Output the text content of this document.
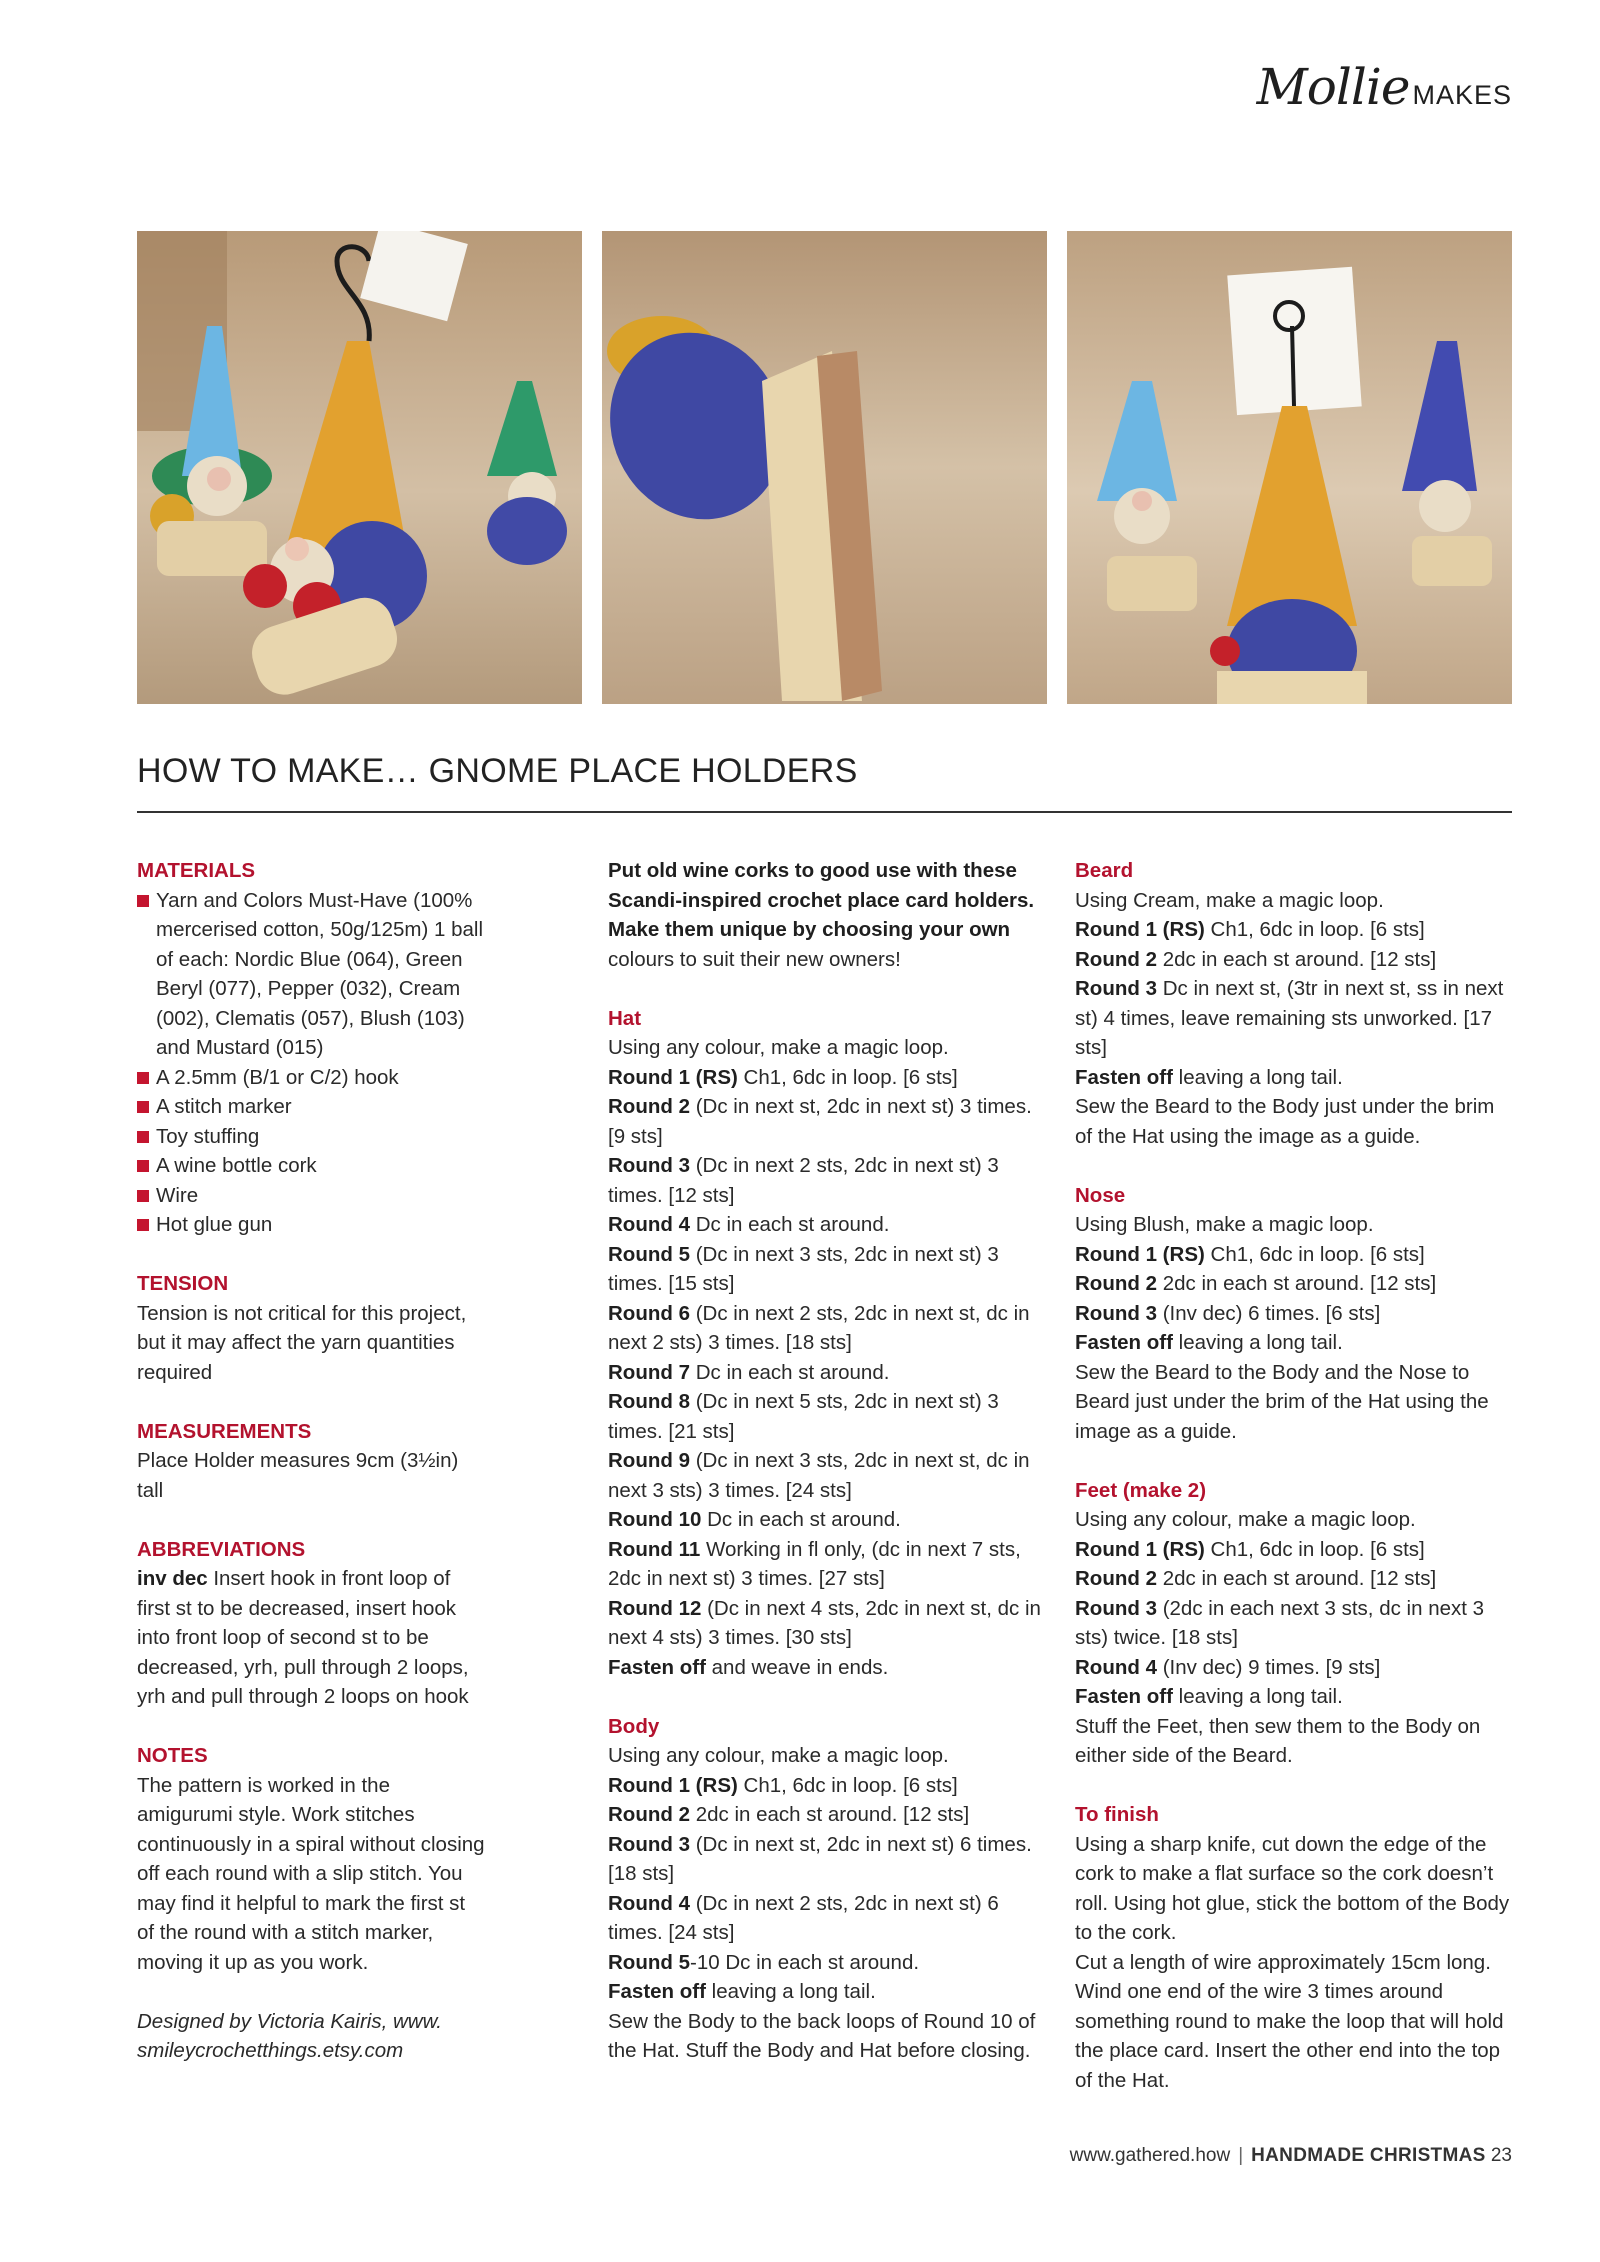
Mollie MAKES
HOW TO MAKE… GNOME PLACE HOLDERS
MATERIALS
Yarn and Colors Must-Have (100% mercerised cotton, 50g/125m) 1 ball of each: Nordic Blue (064), Green Beryl (077), Pepper (032), Cream (002), Clematis (057), Blush (103) and Mustard (015)
A 2.5mm (B/1 or C/2) hook
A stitch marker
Toy stuffing
A wine bottle cork
Wire
Hot glue gun
TENSION
Tension is not critical for this project, but it may affect the yarn quantities required
MEASUREMENTS
Place Holder measures 9cm (3½in) tall
ABBREVIATIONS
inv dec Insert hook in front loop of first st to be decreased, insert hook into front loop of second st to be decreased, yrh, pull through 2 loops, yrh and pull through 2 loops on hook
NOTES
The pattern is worked in the amigurumi style. Work stitches continuously in a spiral without closing off each round with a slip stitch. You may find it helpful to mark the first st of the round with a stitch marker, moving it up as you work.
Designed by Victoria Kairis, www. smileycrochetthings.etsy.com
Put old wine corks to good use with these Scandi-inspired crochet place card holders. Make them unique by choosing your own colours to suit their new owners!
Hat
Using any colour, make a magic loop.
Round 1 (RS) Ch1, 6dc in loop. [6 sts]
Round 2 (Dc in next st, 2dc in next st) 3 times. [9 sts]
Round 3 (Dc in next 2 sts, 2dc in next st) 3 times. [12 sts]
Round 4 Dc in each st around.
Round 5 (Dc in next 3 sts, 2dc in next st) 3 times. [15 sts]
Round 6 (Dc in next 2 sts, 2dc in next st, dc in next 2 sts) 3 times. [18 sts]
Round 7 Dc in each st around.
Round 8 (Dc in next 5 sts, 2dc in next st) 3 times. [21 sts]
Round 9 (Dc in next 3 sts, 2dc in next st, dc in next 3 sts) 3 times. [24 sts]
Round 10 Dc in each st around.
Round 11 Working in fl only, (dc in next 7 sts, 2dc in next st) 3 times. [27 sts]
Round 12 (Dc in next 4 sts, 2dc in next st, dc in next 4 sts) 3 times. [30 sts]
Fasten off and weave in ends.
Body
Using any colour, make a magic loop.
Round 1 (RS) Ch1, 6dc in loop. [6 sts]
Round 2 2dc in each st around. [12 sts]
Round 3 (Dc in next st, 2dc in next st) 6 times. [18 sts]
Round 4 (Dc in next 2 sts, 2dc in next st) 6 times. [24 sts]
Round 5-10 Dc in each st around.
Fasten off leaving a long tail.
Sew the Body to the back loops of Round 10 of the Hat. Stuff the Body and Hat before closing.
Beard
Using Cream, make a magic loop.
Round 1 (RS) Ch1, 6dc in loop. [6 sts]
Round 2 2dc in each st around. [12 sts]
Round 3 Dc in next st, (3tr in next st, ss in next st) 4 times, leave remaining sts unworked. [17 sts]
Fasten off leaving a long tail.
Sew the Beard to the Body just under the brim of the Hat using the image as a guide.
Nose
Using Blush, make a magic loop.
Round 1 (RS) Ch1, 6dc in loop. [6 sts]
Round 2 2dc in each st around. [12 sts]
Round 3 (Inv dec) 6 times. [6 sts]
Fasten off leaving a long tail.
Sew the Beard to the Body and the Nose to Beard just under the brim of the Hat using the image as a guide.
Feet (make 2)
Using any colour, make a magic loop.
Round 1 (RS) Ch1, 6dc in loop. [6 sts]
Round 2 2dc in each st around. [12 sts]
Round 3 (2dc in each next 3 sts, dc in next 3 sts) twice. [18 sts]
Round 4 (Inv dec) 9 times. [9 sts]
Fasten off leaving a long tail.
Stuff the Feet, then sew them to the Body on either side of the Beard.
To finish
Using a sharp knife, cut down the edge of the cork to make a flat surface so the cork doesn’t roll. Using hot glue, stick the bottom of the Body to the cork.
Cut a length of wire approximately 15cm long. Wind one end of the wire 3 times around something round to make the loop that will hold the place card. Insert the other end into the top of the Hat.
www.gathered.how | HANDMADE CHRISTMAS 23
